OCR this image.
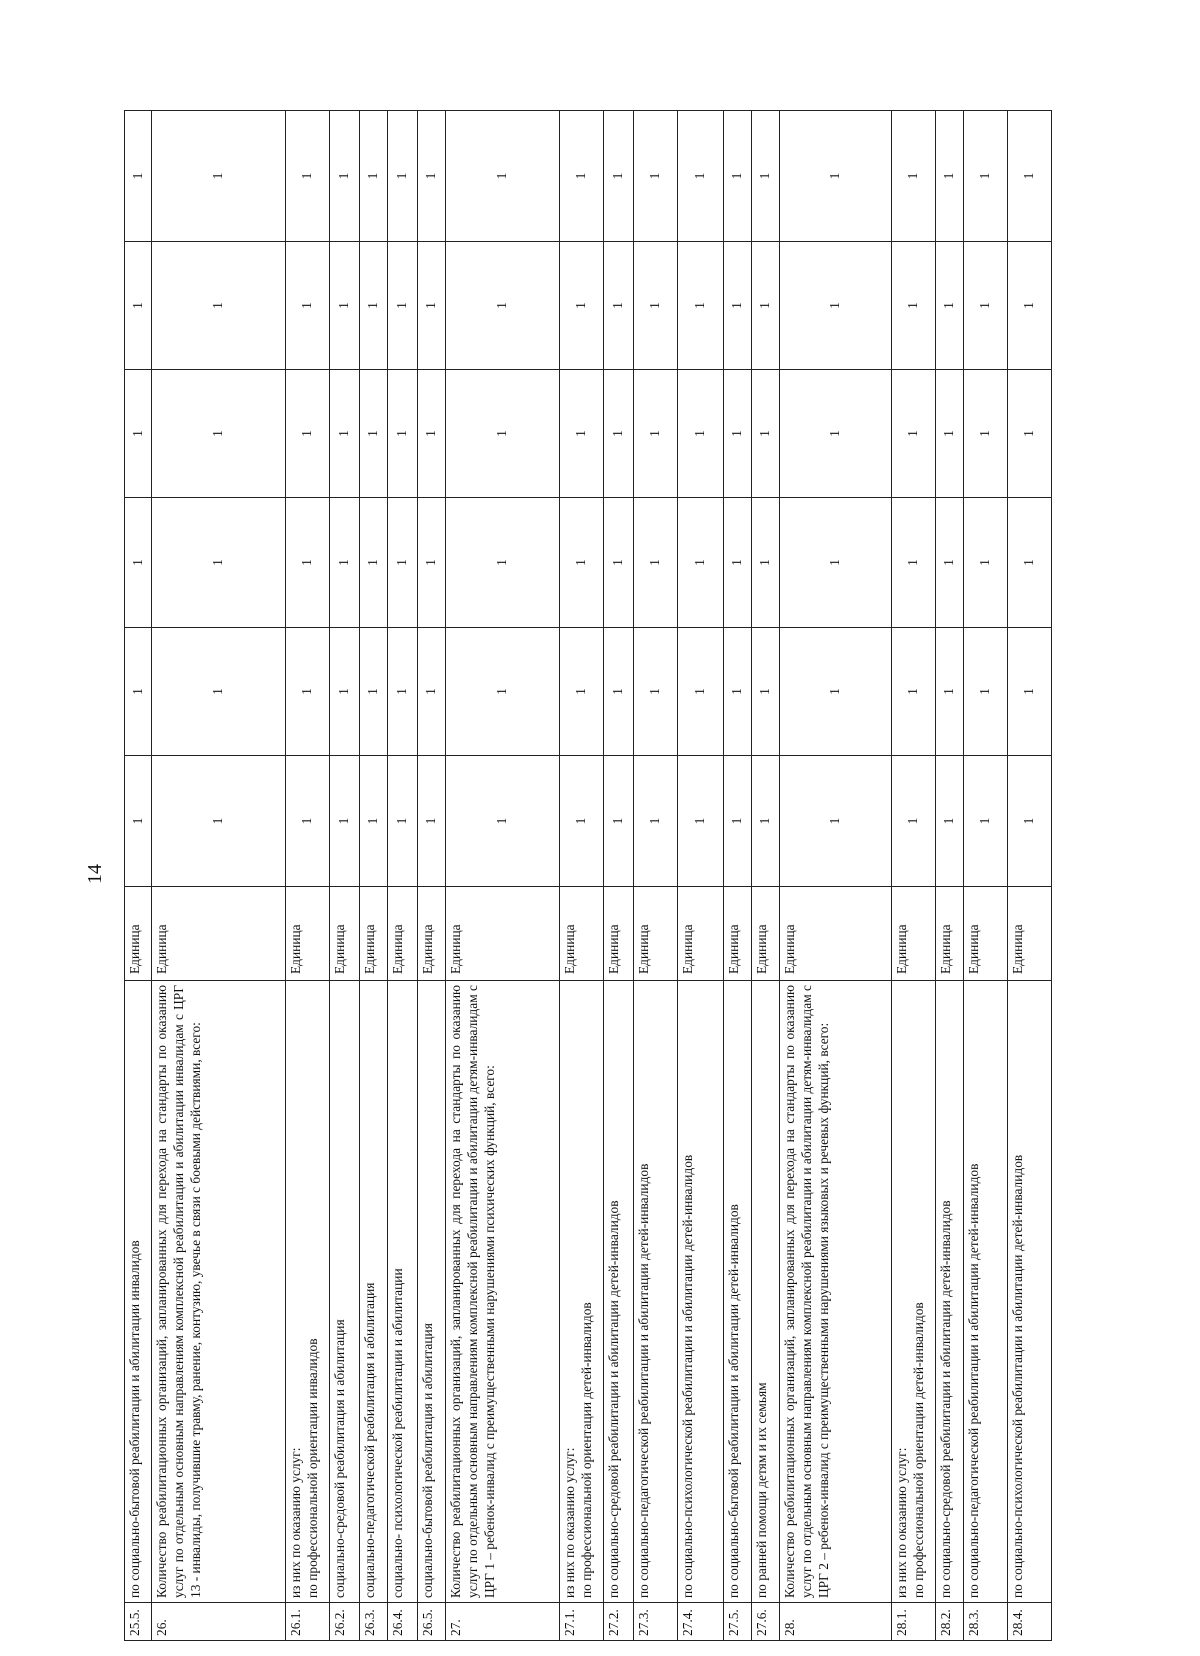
14
25.5.	по социально-бытовой реабилитации и абилитации инвалидов	Единица	1	1	1	1	1	1
26.	Количество реабилитационных организаций, запланированных для перехода на стандарты по оказанию услуг по отдельным основным направлениям комплексной реабилитации и абилитации инвалидам с ЦРГ 13 - инвалиды, получившие травму, ранение, контузию, увечье в связи с боевыми действиями, всего:	Единица	1	1	1	1	1	1
26.1.	из них по оказанию услуг: по профессиональной ориентации инвалидов	Единица	1	1	1	1	1	1
26.2.	социально-средовой реабилитация и абилитация	Единица	1	1	1	1	1	1
26.3.	социально-педагогической реабилитация и абилитация	Единица	1	1	1	1	1	1
26.4.	социально- психологической реабилитации и абилитации	Единица	1	1	1	1	1	1
26.5.	социально-бытовой реабилитация и абилитация	Единица	1	1	1	1	1	1
27.	Количество реабилитационных организаций, запланированных для перехода на стандарты по оказанию услуг по отдельным основным направлениям комплексной реабилитации и абилитации детям-инвалидам с ЦРГ 1 – ребенок-инвалид с преимущественными нарушениями психических функций, всего:	Единица	1	1	1	1	1	1
27.1.	из них по оказанию услуг: по профессиональной ориентации детей-инвалидов	Единица	1	1	1	1	1	1
27.2.	по социально-средовой реабилитации и абилитации детей-инвалидов	Единица	1	1	1	1	1	1
27.3.	по социально-педагогической реабилитации и абилитации детей-инвалидов	Единица	1	1	1	1	1	1
27.4.	по социально-психологической реабилитации и абилитации детей-инвалидов	Единица	1	1	1	1	1	1
27.5.	по социально-бытовой реабилитации и абилитации детей-инвалидов	Единица	1	1	1	1	1	1
27.6.	по ранней помощи детям и их семьям	Единица	1	1	1	1	1	1
28.	Количество реабилитационных организаций, запланированных для перехода на стандарты по оказанию услуг по отдельным основным направлениям комплексной реабилитации и абилитации детям-инвалидам с ЦРГ 2 – ребенок-инвалид с преимущественными нарушениями языковых и речевых функций, всего:	Единица	1	1	1	1	1	1
28.1.	из них по оказанию услуг: по профессиональной ориентации детей-инвалидов	Единица	1	1	1	1	1	1
28.2.	по социально-средовой реабилитации и абилитации детей-инвалидов	Единица	1	1	1	1	1	1
28.3.	по социально-педагогической реабилитации и абилитации детей-инвалидов	Единица	1	1	1	1	1	1
28.4.	по социально-психологической реабилитации и абилитации детей-инвалидов	Единица	1	1	1	1	1	1
